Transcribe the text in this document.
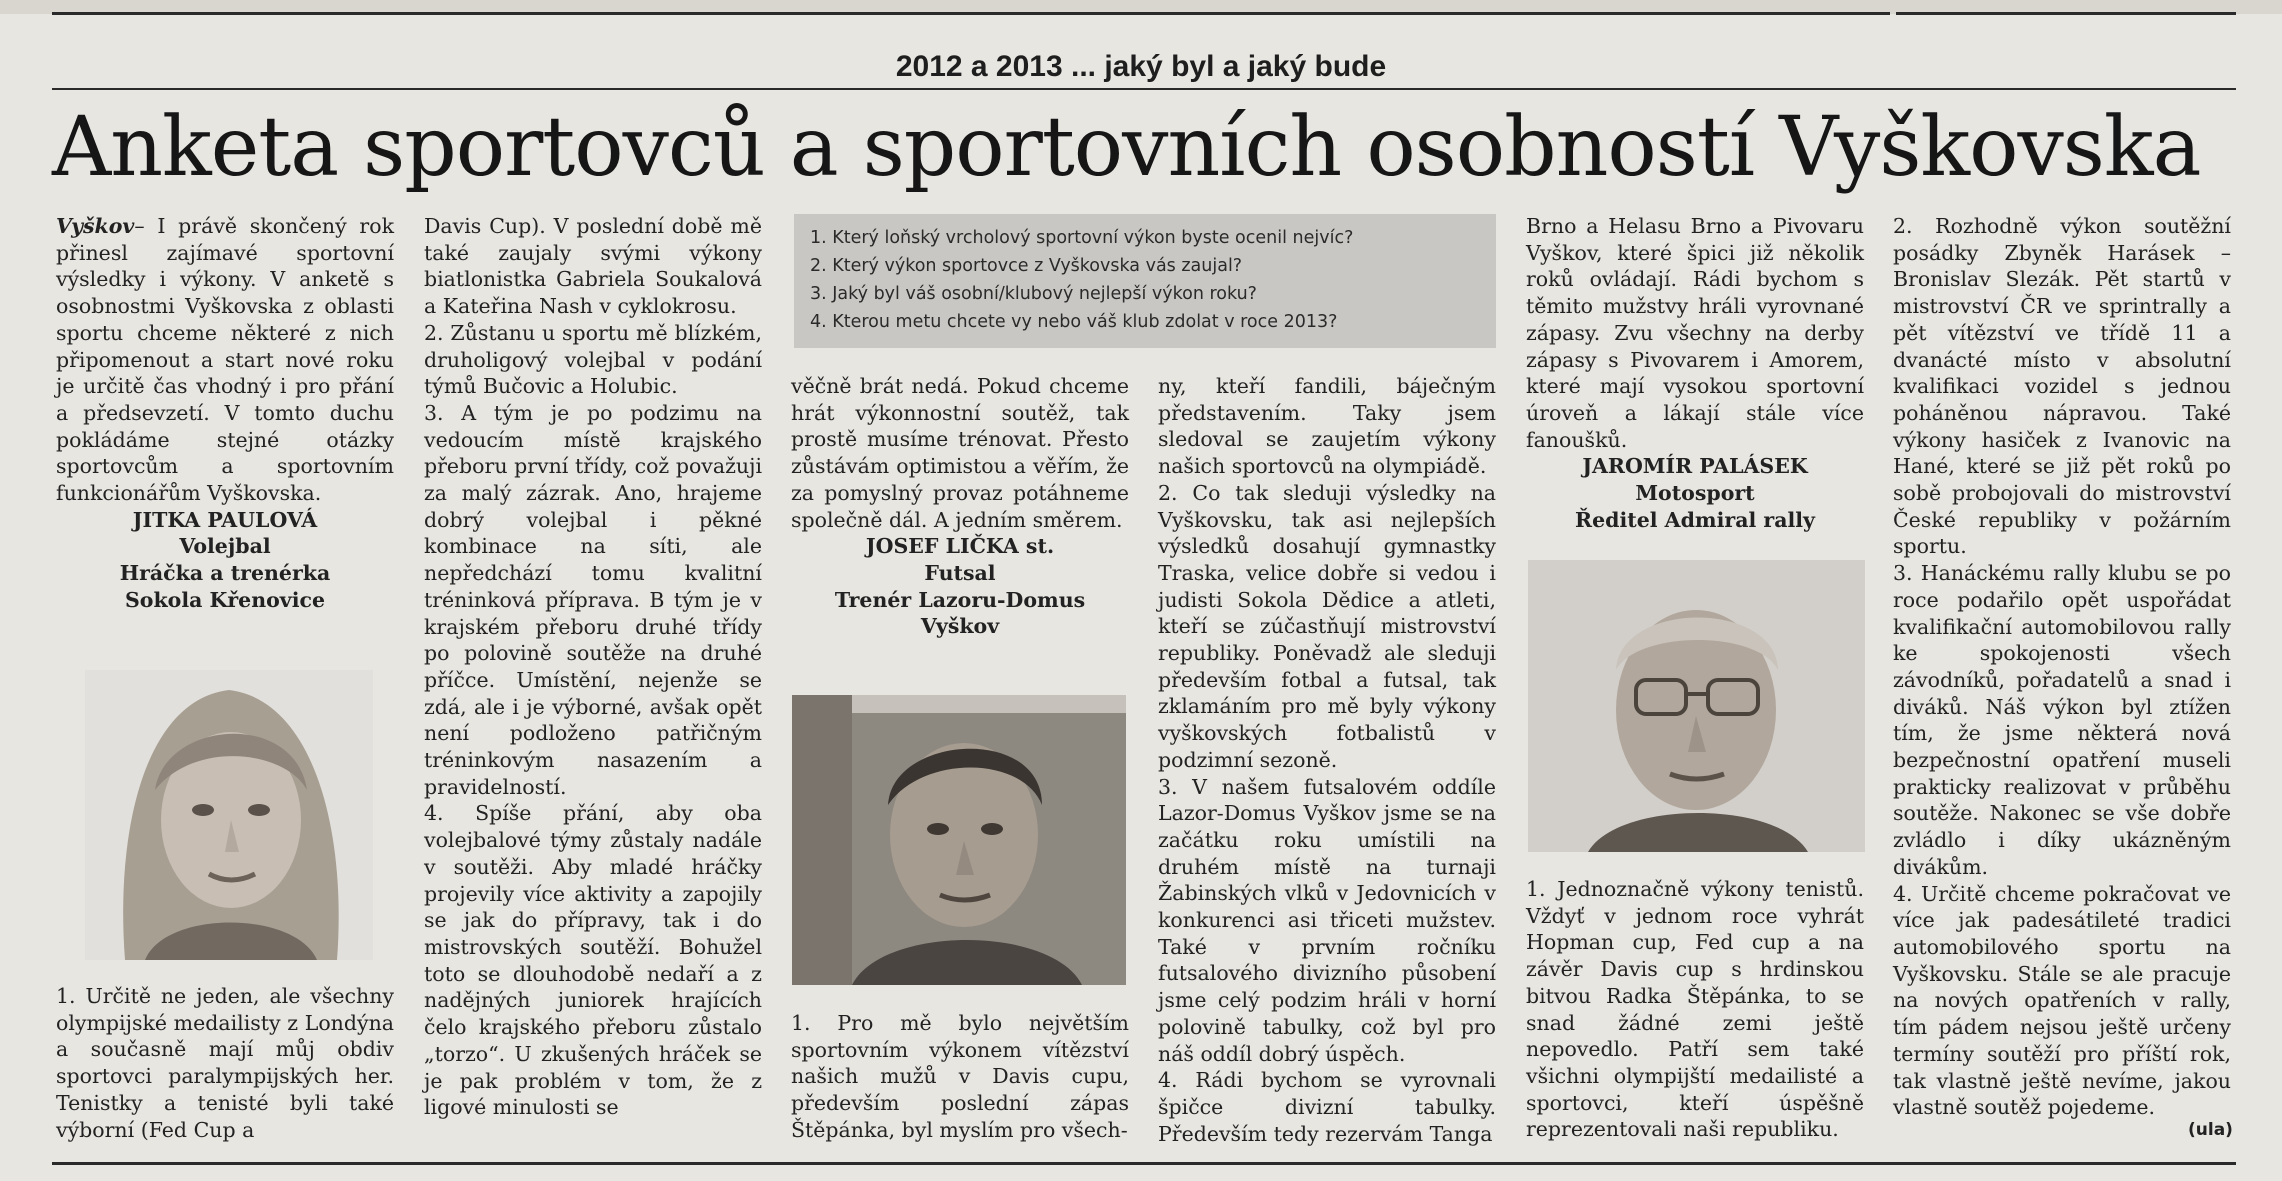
2012 a 2013 ... jaký byl a jaký bude
Anketa sportovců a sportovních osobností Vyškovska

Vyškov– I právě skončený rok přinesl zajímavé sportovní výsledky i výkony. V anketě s osobnostmi Vyškovska z oblasti sportu chceme některé z nich připomenout a start nové roku je určitě čas vhodný i pro přání a předsevzetí. V tomto duchu pokládáme stejné otázky sportovcům a sportovním funkcionářům Vyškovska.

JITKA PAULOVÁ

Volejbal

Hráčka a trenérka

Sokola Křenovice

1. Určitě ne jeden, ale všechny olympijské medailisty z Londýna a současně mají můj obdiv sportovci paralympijských her. Tenistky a tenisté byli také výborní (Fed Cup a

Davis Cup). V poslední době mě také zaujaly svými výkony biatlonistka Gabriela Soukalová a Kateřina Nash v cyklokrosu.

2. Zůstanu u sportu mě blízkém, druholigový volejbal v podání týmů Bučovic a Holubic.

3. A tým je po podzimu na vedoucím místě krajského přeboru první třídy, což považuji za malý zázrak. Ano, hrajeme dobrý volejbal i pěkné kombinace na síti, ale nepředchází tomu kvalitní tréninková příprava. B tým je v krajském přeboru druhé třídy po polovině soutěže na druhé příčce. Umístění, nejenže se zdá, ale i je výborné, avšak opět není podloženo patřičným tréninkovým nasazením a pravidelností.

4. Spíše přání, aby oba volejbalové týmy zůstaly nadále v soutěži. Aby mladé hráčky projevily více aktivity a zapojily se jak do přípravy, tak i do mistrovských soutěží. Bohužel toto se dlouhodobě nedaří a z nadějných juniorek hrajících čelo krajského přeboru zůstalo „torzo“. U zkušených hráček se je pak problém v tom, že z ligové minulosti se

1. Který loňský vrcholový sportovní výkon byste ocenil nejvíc?
2. Který výkon sportovce z Vyškovska vás zaujal?
3. Jaký byl váš osobní/klubový nejlepší výkon roku?
4. Kterou metu chcete vy nebo váš klub zdolat v roce 2013?

věčně brát nedá. Pokud chceme hrát výkonnostní soutěž, tak prostě musíme trénovat. Přesto zůstávám optimistou a věřím, že za pomyslný provaz potáhneme společně dál. A jedním směrem.

JOSEF LIČKA st.

Futsal

Trenér Lazoru-Domus

Vyškov

1. Pro mě bylo největším sportovním výkonem vítězství našich mužů v Davis cupu, především poslední zápas Štěpánka, byl myslím pro všech-

ny, kteří fandili, báječným představením. Taky jsem sledoval se zaujetím výkony našich sportovců na olympiádě.

2. Co tak sleduji výsledky na Vyškovsku, tak asi nejlepších výsledků dosahují gymnastky Traska, velice dobře si vedou i judisti Sokola Dědice a atleti, kteří se zúčastňují mistrovství republiky. Poněvadž ale sleduji především fotbal a futsal, tak zklamáním pro mě byly výkony vyškovských fotbalistů v podzimní sezoně.

3. V našem futsalovém oddíle Lazor-Domus Vyškov jsme se na začátku roku umístili na druhém místě na turnaji Žabinských vlků v Jedovnicích v konkurenci asi třiceti mužstev. Také v prvním ročníku futsalového divizního působení jsme celý podzim hráli v horní polovině tabulky, což byl pro náš oddíl dobrý úspěch.

4. Rádi bychom se vyrovnali špičce divizní tabulky. Především tedy rezervám Tanga

Brno a Helasu Brno a Pivovaru Vyškov, které špici již několik roků ovládají. Rádi bychom s těmito mužstvy hráli vyrovnané zápasy. Zvu všechny na derby zápasy s Pivovarem i Amorem, které mají vysokou sportovní úroveň a lákají stále více fanoušků.

JAROMÍR PALÁSEK

Motosport

Ředitel Admiral rally

1. Jednoznačně výkony tenistů. Vždyť v jednom roce vyhrát Hopman cup, Fed cup a na závěr Davis cup s hrdinskou bitvou Radka Štěpánka, to se snad žádné zemi ještě nepovedlo. Patří sem také všichni olympijští medailisté a sportovci, kteří úspěšně reprezentovali naši republiku.

2. Rozhodně výkon soutěžní posádky Zbyněk Harásek – Bronislav Slezák. Pět startů v mistrovství ČR ve sprintrally a pět vítězství ve třídě 11 a dvanácté místo v absolutní kvalifikaci vozidel s jednou poháněnou nápravou. Také výkony hasiček z Ivanovic na Hané, které se již pět roků po sobě probojovali do mistrovství České republiky v požárním sportu.

3. Hanáckému rally klubu se po roce podařilo opět uspořádat kvalifikační automobilovou rally ke spokojenosti všech závodníků, pořadatelů a snad i diváků. Náš výkon byl ztížen tím, že jsme některá nová bezpečnostní opatření museli prakticky realizovat v průběhu soutěže. Nakonec se vše dobře zvládlo i díky ukázněným divákům.

4. Určitě chceme pokračovat ve více jak padesátileté tradici automobilového sportu na Vyškovsku. Stále se ale pracuje na nových opatřeních v rally, tím pádem nejsou ještě určeny termíny soutěží pro příští rok, tak vlastně ještě nevíme, jakou vlastně soutěž pojedeme.

(ula)
